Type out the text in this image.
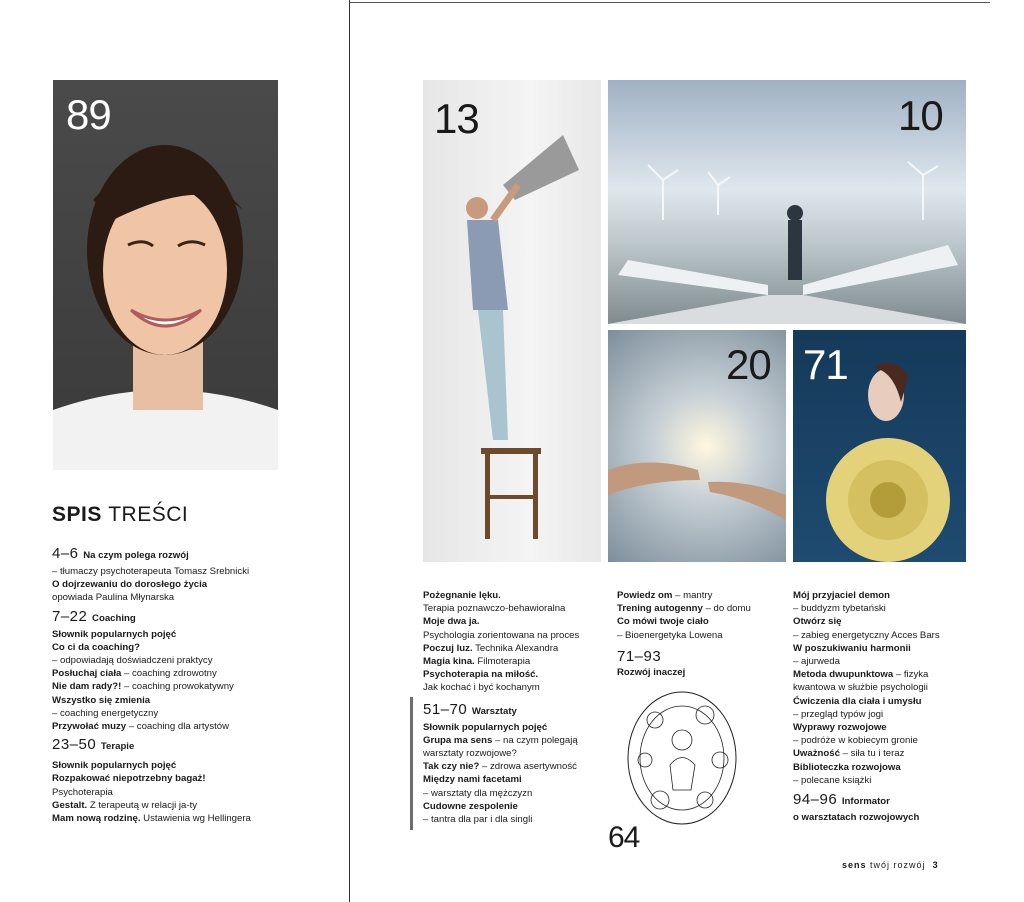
89	13	10
20 71
64
SPIS TREŚCI
4–6 Na czym polega rozwój
– tłumaczy psychoterapeuta Tomasz Srebnicki
O dojrzewaniu do dorosłego życia
opowiada Paulina Młynarska
7–22 Coaching
Słownik popularnych pojęć
Co ci da coaching?
– odpowiadają doświadczeni praktycy
Posłuchaj ciała – coaching zdrowotny
Nie dam rady?! – coaching prowokatywny
Wszystko się zmienia
– coaching energetyczny
Przywołać muzy – coaching dla artystów
23–50 Terapie
Słownik popularnych pojęć
Rozpakować niepotrzebny bagaż!
Psychoterapia
Gestalt. Z terapeutą w relacji ja-ty
Mam nową rodzinę. Ustawienia wg Hellingera
Pożegnanie lęku.
Terapia poznawczo-behawioralna
Moje dwa ja.
Psychologia zorientowana na proces
Poczuj luz. Technika Alexandra
Magia kina. Filmoterapia
Psychoterapia na miłość.
Jak kochać i być kochanym
51–70 Warsztaty
Słownik popularnych pojęć
Grupa ma sens – na czym polegają
warsztaty rozwojowe?
Tak czy nie? – zdrowa asertywność
Między nami facetami
– warsztaty dla mężczyzn
Cudowne zespolenie
– tantra dla par i dla singli
Powiedz om – mantry
Trening autogenny – do domu
Co mówi twoje ciało
– Bioenergetyka Lowena
71–93
Rozwój inaczej
Mój przyjaciel demon
– buddyzm tybetański
Otwórz się
– zabieg energetyczny Acces Bars
W poszukiwaniu harmonii
– ajurweda
Metoda dwupunktowa – fizyka
kwantowa w służbie psychologii
Ćwiczenia dla ciała i umysłu
– przegląd typów jogi
Wyprawy rozwojowe
– podróże w kobiecym gronie
Uważność – siła tu i teraz
Biblioteczka rozwojowa
– polecane książki
94–96 Informator
o warsztatach rozwojowych
sens twój rozwój 3
